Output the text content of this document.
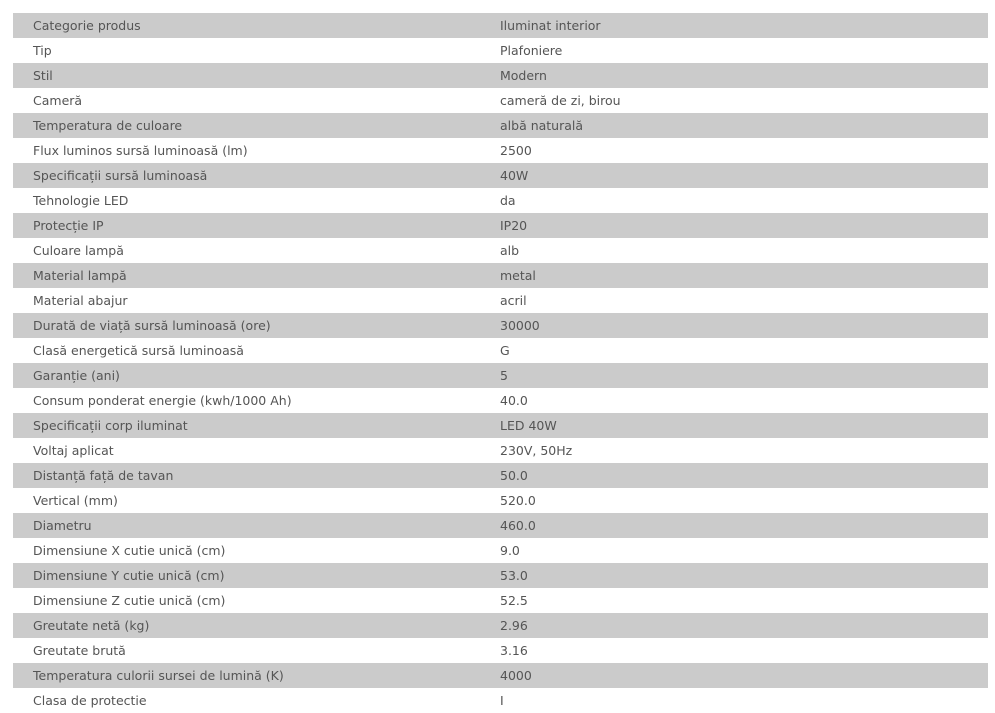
Categorie produs	Iluminat interior
Tip	Plafoniere
Stil	Modern
Cameră	cameră de zi, birou
Temperatura de culoare	albă naturală
Flux luminos sursă luminoasă (lm)	2500
Specificații sursă luminoasă	40W
Tehnologie LED	da
Protecție IP	IP20
Culoare lampă	alb
Material lampă	metal
Material abajur	acril
Durată de viață sursă luminoasă (ore)	30000
Clasă energetică sursă luminoasă	G
Garanție (ani)	5
Consum ponderat energie (kwh/1000 Ah)	40.0
Specificații corp iluminat	LED 40W
Voltaj aplicat	230V, 50Hz
Distanță față de tavan	50.0
Vertical (mm)	520.0
Diametru	460.0
Dimensiune X cutie unică (cm)	9.0
Dimensiune Y cutie unică (cm)	53.0
Dimensiune Z cutie unică (cm)	52.5
Greutate netă (kg)	2.96
Greutate brută	3.16
Temperatura culorii sursei de lumină (K)	4000
Clasa de protectie	I
